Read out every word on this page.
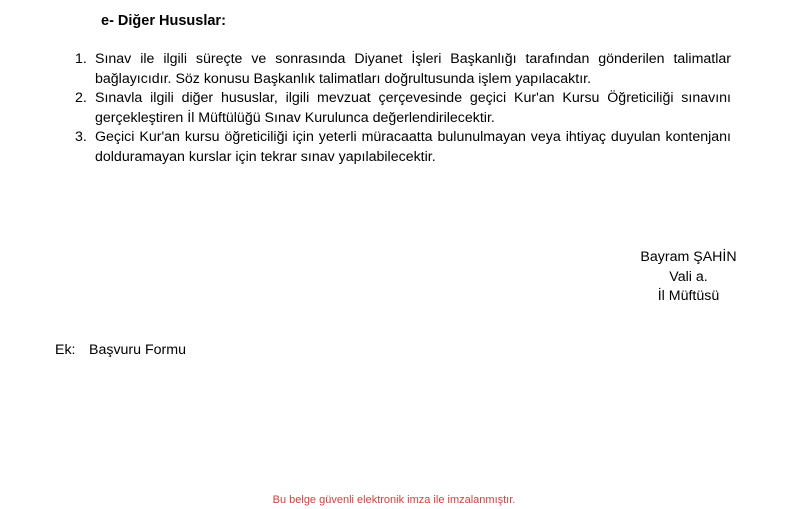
e- Diğer Hususlar:
1. Sınav ile ilgili süreçte ve sonrasında Diyanet İşleri Başkanlığı tarafından gönderilen talimatlar bağlayıcıdır. Söz konusu Başkanlık talimatları doğrultusunda işlem yapılacaktır.
2. Sınavla ilgili diğer hususlar, ilgili mevzuat çerçevesinde geçici Kur'an Kursu Öğreticiliği sınavını gerçekleştiren İl Müftülüğü Sınav Kurulunca değerlendirilecektir.
3. Geçici Kur'an kursu öğreticiliği için yeterli müracaatta bulunulmayan veya ihtiyaç duyulan kontenjanı dolduramayan kurslar için tekrar sınav yapılabilecektir.
Bayram ŞAHİN
Vali a.
İl Müftüsü
Ek: Başvuru Formu
Bu belge güvenli elektronik imza ile imzalanmıştır.
